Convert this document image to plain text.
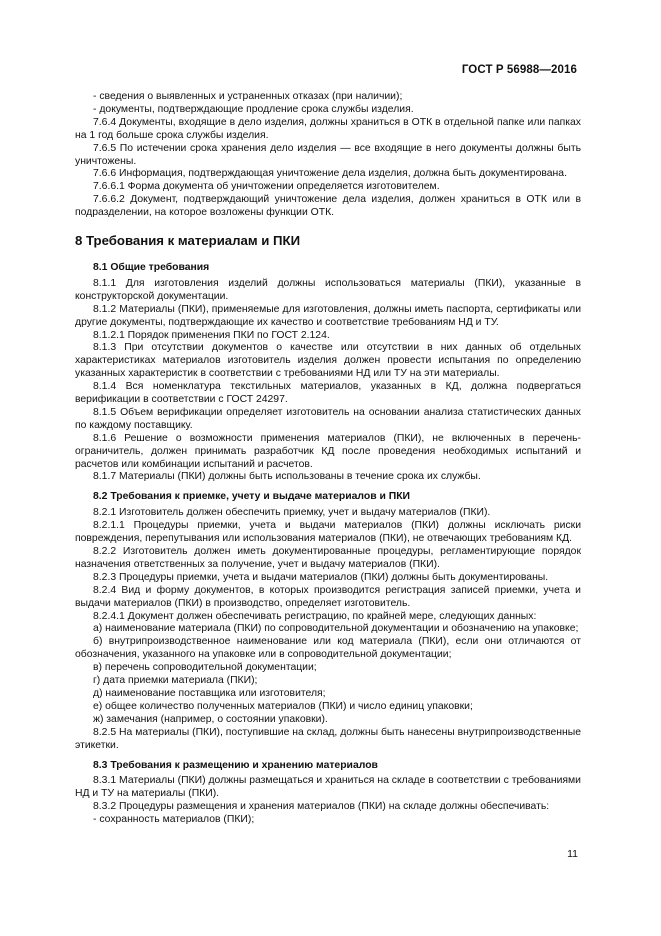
ГОСТ Р 56988—2016

- сведения о выявленных и устраненных отказах (при наличии);

- документы, подтверждающие продление срока службы изделия.

7.6.4 Документы, входящие в дело изделия, должны храниться в ОТК в отдельной папке или папках на 1 год больше срока службы изделия.

7.6.5 По истечении срока хранения дело изделия — все входящие в него документы должны быть уничтожены.

7.6.6 Информация, подтверждающая уничтожение дела изделия, должна быть документирована.

7.6.6.1 Форма документа об уничтожении определяется изготовителем.

7.6.6.2 Документ, подтверждающий уничтожение дела изделия, должен храниться в ОТК или в подразделении, на которое возложены функции ОТК.

8 Требования к материалам и ПКИ
8.1 Общие требования

8.1.1 Для изготовления изделий должны использоваться материалы (ПКИ), указанные в конструкторской документации.

8.1.2 Материалы (ПКИ), применяемые для изготовления, должны иметь паспорта, сертификаты или другие документы, подтверждающие их качество и соответствие требованиям НД и ТУ.

8.1.2.1 Порядок применения ПКИ по ГОСТ 2.124.

8.1.3 При отсутствии документов о качестве или отсутствии в них данных об отдельных характеристиках материалов изготовитель изделия должен провести испытания по определению указанных характеристик в соответствии с требованиями НД или ТУ на эти материалы.

8.1.4 Вся номенклатура текстильных материалов, указанных в КД, должна подвергаться верификации в соответствии с ГОСТ 24297.

8.1.5 Объем верификации определяет изготовитель на основании анализа статистических данных по каждому поставщику.

8.1.6 Решение о возможности применения материалов (ПКИ), не включенных в перечень-ограничитель, должен принимать разработчик КД после проведения необходимых испытаний и расчетов или комбинации испытаний и расчетов.

8.1.7 Материалы (ПКИ) должны быть использованы в течение срока их службы.

8.2 Требования к приемке, учету и выдаче материалов и ПКИ

8.2.1 Изготовитель должен обеспечить приемку, учет и выдачу материалов (ПКИ).

8.2.1.1 Процедуры приемки, учета и выдачи материалов (ПКИ) должны исключать риски повреждения, перепутывания или использования материалов (ПКИ), не отвечающих требованиям КД.

8.2.2 Изготовитель должен иметь документированные процедуры, регламентирующие порядок назначения ответственных за получение, учет и выдачу материалов (ПКИ).

8.2.3 Процедуры приемки, учета и выдачи материалов (ПКИ) должны быть документированы.

8.2.4 Вид и форму документов, в которых производится регистрация записей приемки, учета и выдачи материалов (ПКИ) в производство, определяет изготовитель.

8.2.4.1 Документ должен обеспечивать регистрацию, по крайней мере, следующих данных:

а) наименование материала (ПКИ) по сопроводительной документации и обозначению на упаковке;

б) внутрипроизводственное наименование или код материала (ПКИ), если они отличаются от обозначения, указанного на упаковке или в сопроводительной документации;

в) перечень сопроводительной документации;

г) дата приемки материала (ПКИ);

д) наименование поставщика или изготовителя;

е) общее количество полученных материалов (ПКИ) и число единиц упаковки;

ж) замечания (например, о состоянии упаковки).

8.2.5 На материалы (ПКИ), поступившие на склад, должны быть нанесены внутрипроизводственные этикетки.

8.3 Требования к размещению и хранению материалов

8.3.1 Материалы (ПКИ) должны размещаться и храниться на складе в соответствии с требованиями НД и ТУ на материалы (ПКИ).

8.3.2 Процедуры размещения и хранения материалов (ПКИ) на складе должны обеспечивать:

- сохранность материалов (ПКИ);

11
